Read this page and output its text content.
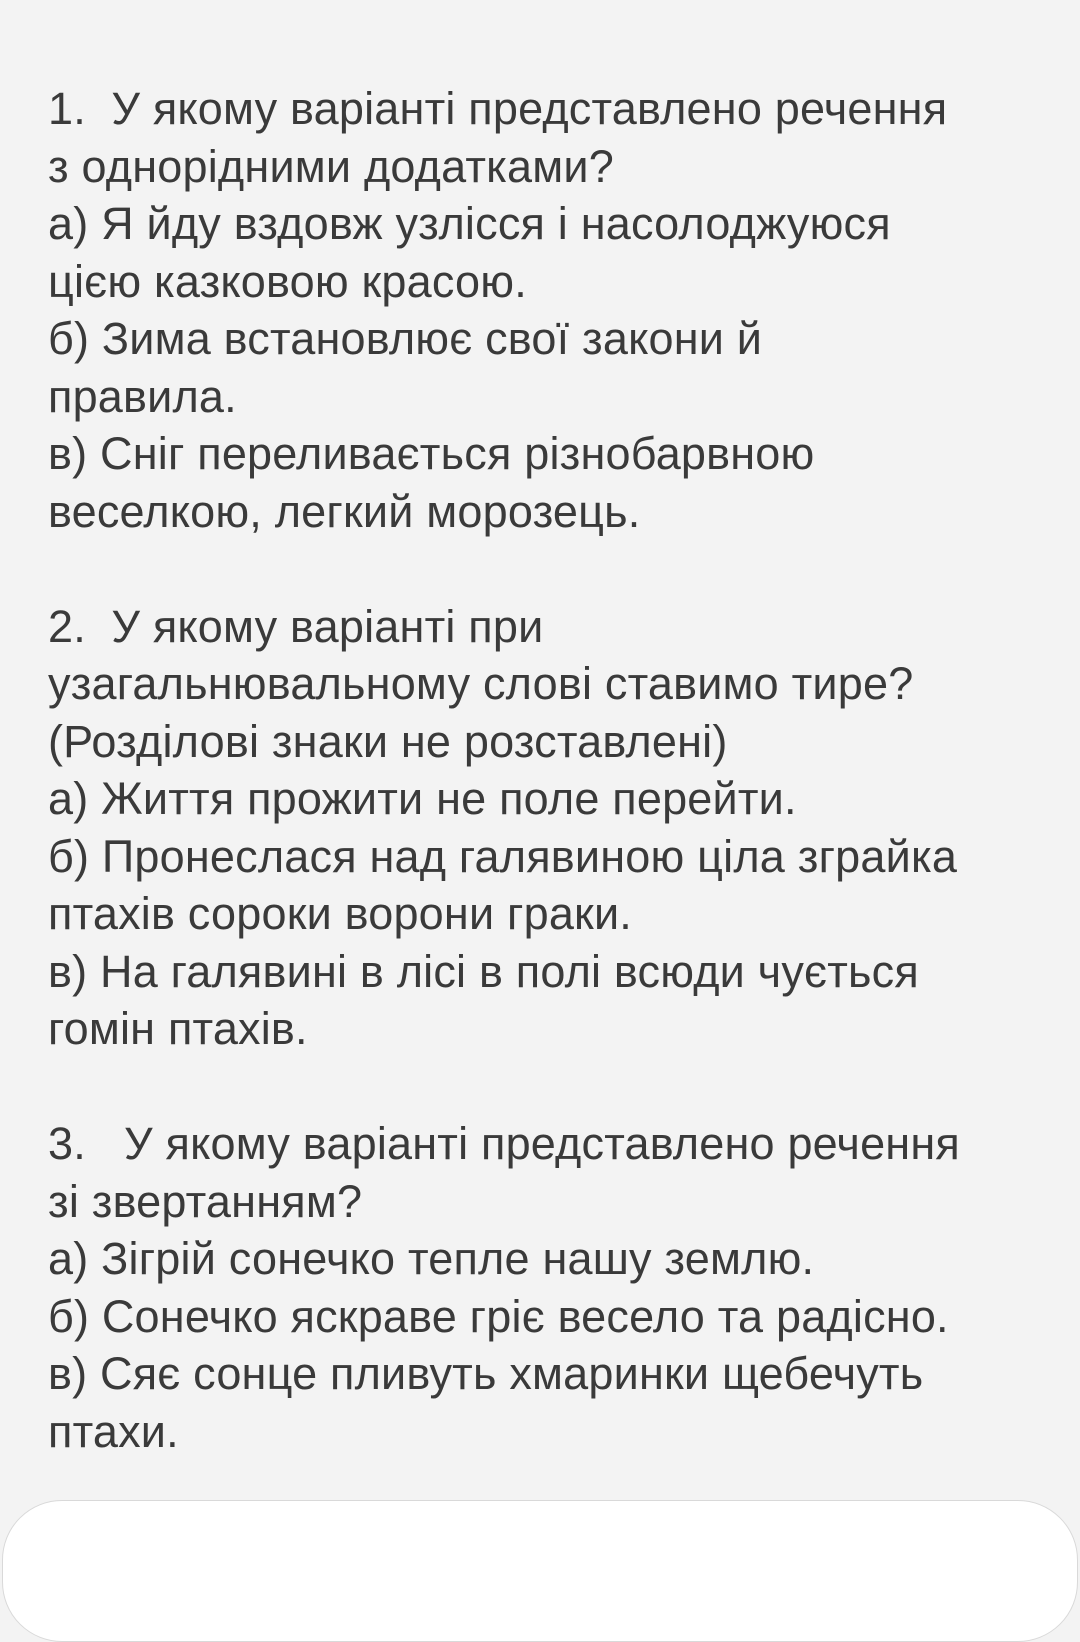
1.  У якому варіанті представлено речення
з однорідними додатками?
а) Я йду вздовж узлісся і насолоджуюся
цією казковою красою.
б) Зима встановлює свої закони й
правила.
в) Сніг переливається різнобарвною
веселкою, легкий морозець.
2.  У якому варіанті при
узагальнювальному слові ставимо тире?
(Розділові знаки не розставлені)
а) Життя прожити не поле перейти.
б) Пронеслася над галявиною ціла зграйка
птахів сороки ворони граки.
в) На галявині в лісі в полі всюди чується
гомін птахів.
3.   У якому варіанті представлено речення
зі звертанням?
а) Зігрій сонечко тепле нашу землю.
б) Сонечко яскраве гріє весело та радісно.
в) Сяє сонце пливуть хмаринки щебечуть
птахи.
